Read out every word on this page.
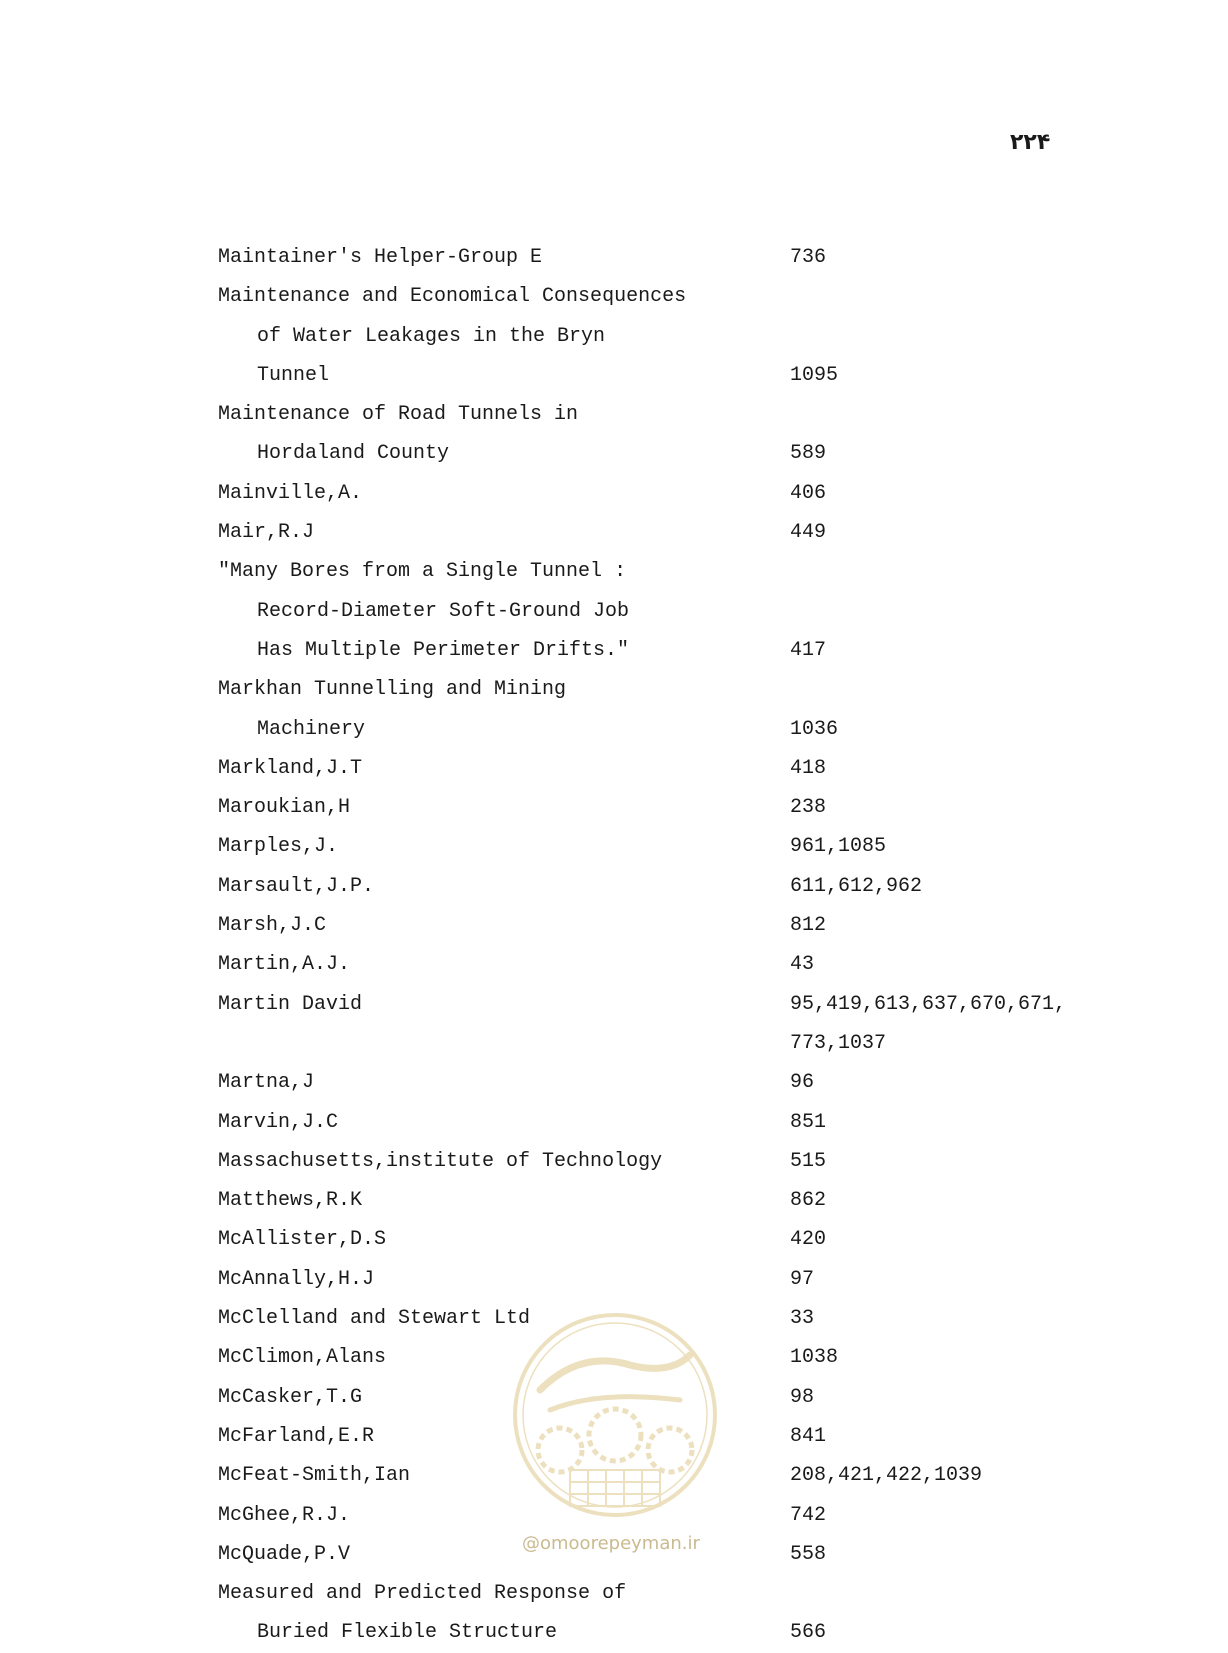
۲۲۴
Maintainer's Helper-Group E	736
Maintenance and Economical Consequences
of Water Leakages in the Bryn
Tunnel	1095
Maintenance of Road Tunnels in
Hordaland County	589
Mainville,A.	406
Mair,R.J	449
"Many Bores from a Single Tunnel :
Record-Diameter Soft-Ground Job
Has Multiple Perimeter Drifts."	417
Markhan Tunnelling and Mining
Machinery	1036
Markland,J.T	418
Maroukian,H	238
Marples,J.	961,1085
Marsault,J.P.	611,612,962
Marsh,J.C	812
Martin,A.J.	43
Martin David	95,419,613,637,670,671,
773,1037
Martna,J	96
Marvin,J.C	851
Massachusetts,institute of Technology	515
Matthews,R.K	862
McAllister,D.S	420
McAnnally,H.J	97
McClelland and Stewart Ltd	33
McClimon,Alans	1038
McCasker,T.G	98
McFarland,E.R	841
McFeat-Smith,Ian	208,421,422,1039
McGhee,R.J.	742
McQuade,P.V	558
Measured and Predicted Response of
Buried Flexible Structure	566
@omoorepeyman.ir
